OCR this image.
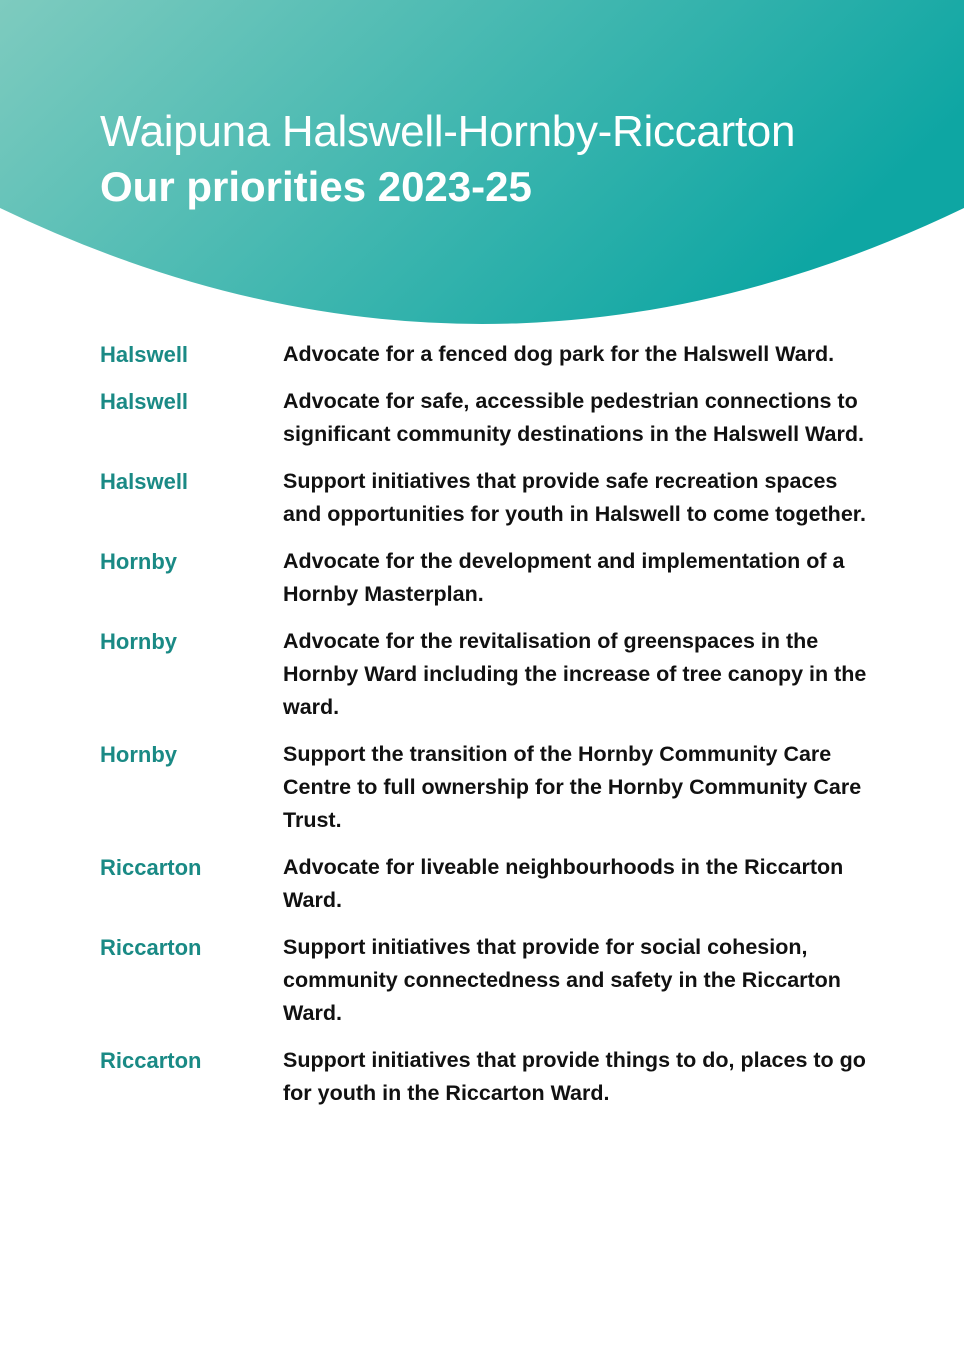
Waipuna Halswell-Hornby-Riccarton
Our priorities 2023-25
Halswell	Advocate for a fenced dog park for the Halswell Ward.
Halswell	Advocate for safe, accessible pedestrian connections to significant community destinations in the Halswell Ward.
Halswell	Support initiatives that provide safe recreation spaces and opportunities for youth in Halswell to come together.
Hornby	Advocate for the development and implementation of a Hornby Masterplan.
Hornby	Advocate for the revitalisation of greenspaces in the Hornby Ward including the increase of tree canopy in the ward.
Hornby	Support the transition of the Hornby Community Care Centre to full ownership for the Hornby Community Care Trust.
Riccarton	Advocate for liveable neighbourhoods in the Riccarton Ward.
Riccarton	Support initiatives that provide for social cohesion, community connectedness and safety in the Riccarton Ward.
Riccarton	Support initiatives that provide things to do, places to go for youth in the Riccarton Ward.
